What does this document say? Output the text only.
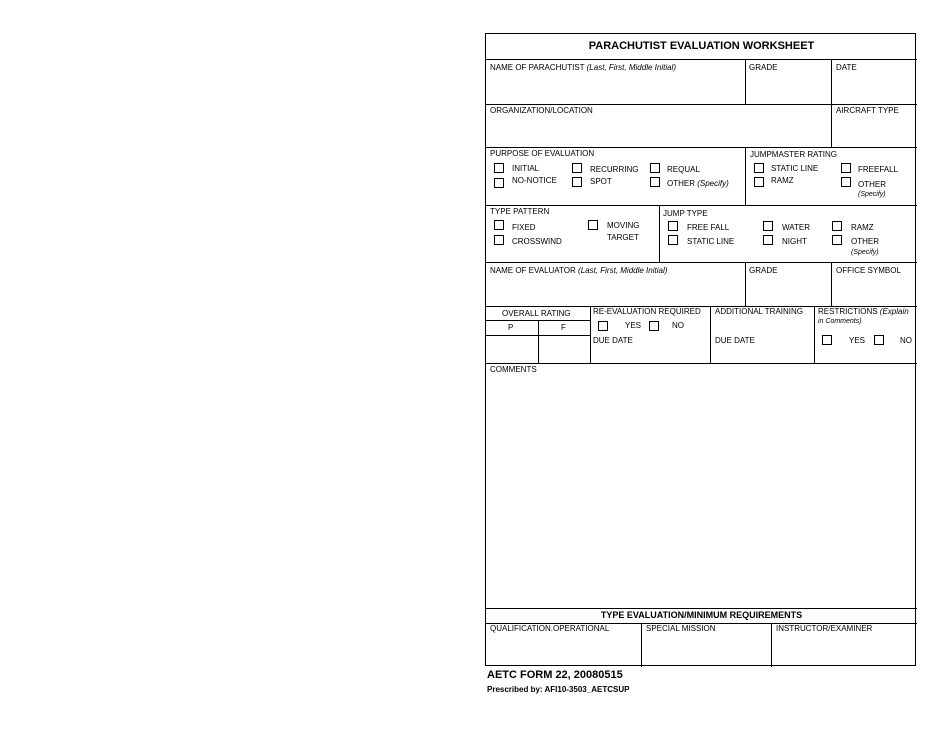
PARACHUTIST EVALUATION WORKSHEET
NAME OF PARACHUTIST (Last, First, Middle Initial)	GRADE	DATE
ORGANIZATION/LOCATION	AIRCRAFT TYPE
PURPOSE OF EVALUATION
INITIAL
NO-NOTICE
RECURRING
SPOT
REQUAL
OTHER (Specify)
JUMPMASTER RATING
STATIC LINE
RAMZ
FREEFALL
OTHER
(Specify)
TYPE PATTERN
FIXED
CROSSWIND
MOVING
TARGET
JUMP TYPE
FREE FALL
STATIC LINE
WATER
NIGHT
RAMZ
OTHER
(Specify)
NAME OF EVALUATOR (Last, First, Middle Initial)	GRADE	OFFICE SYMBOL
OVERALL RATING
P	F
RE-EVALUATION REQUIRED
YES	NO
DUE DATE
ADDITIONAL TRAINING
DUE DATE
RESTRICTIONS (Explain
in Comments)
YES	NO
COMMENTS
TYPE EVALUATION/MINIMUM REQUIREMENTS
QUALIFICATION.OPERATIONAL	SPECIAL MISSION	INSTRUCTOR/EXAMINER
AETC FORM 22, 20080515
Prescribed by: AFI10-3503_AETCSUP
